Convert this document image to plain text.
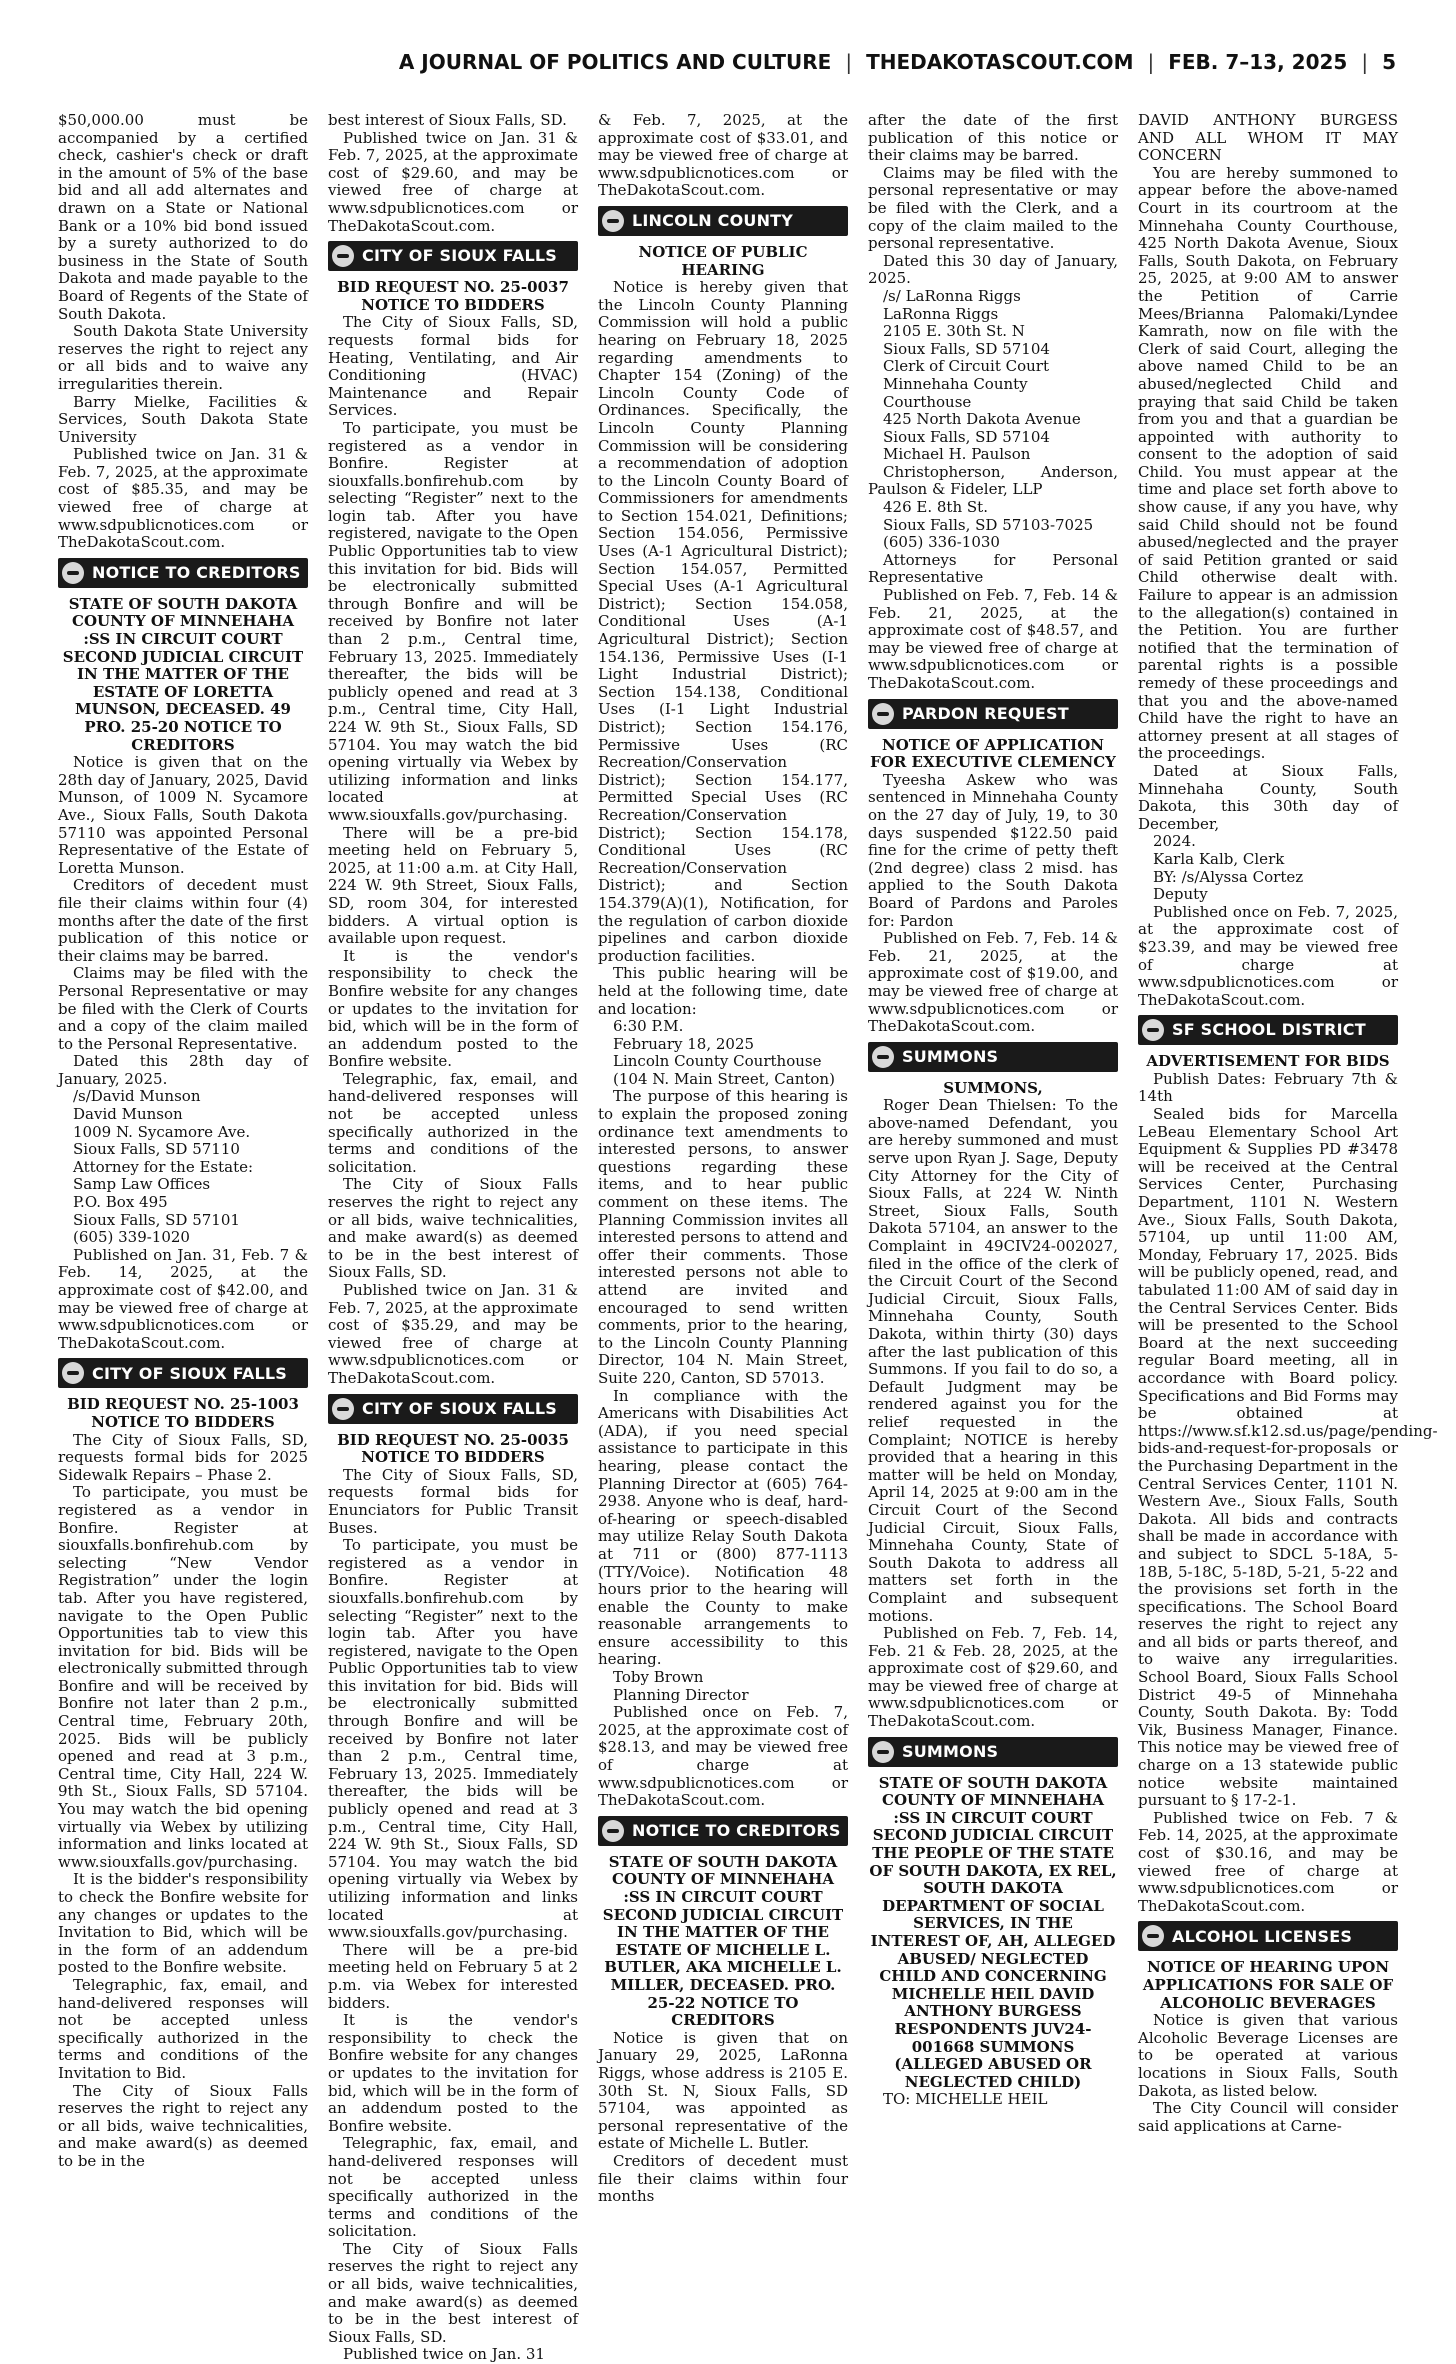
A JOURNAL OF POLITICS AND CULTURE | THEDAKOTASCOUT.COM | FEB. 7–13, 2025 | 5

$50,000.00 must be accompanied by a certified check, cashier's check or draft in the amount of 5% of the base bid and all add alternates and drawn on a State or National Bank or a 10% bid bond issued by a surety authorized to do business in the State of South Dakota and made payable to the Board of Regents of the State of South Dakota.

South Dakota State University reserves the right to reject any or all bids and to waive any irregularities therein.

Barry Mielke, Facilities & Services, South Dakota State University

Published twice on Jan. 31 & Feb. 7, 2025, at the approximate cost of $85.35, and may be viewed free of charge at www.sdpublicnotices.com or TheDakotaScout.com.

NOTICE TO CREDITORS

STATE OF SOUTH DAKOTA COUNTY OF MINNEHAHA :SS IN CIRCUIT COURT SECOND JUDICIAL CIRCUIT IN THE MATTER OF THE ESTATE OF LORETTA MUNSON, DECEASED. 49 PRO. 25-20 NOTICE TO CREDITORS

Notice is given that on the 28th day of January, 2025, David Munson, of 1009 N. Sycamore Ave., Sioux Falls, South Dakota 57110 was appointed Personal Representative of the Estate of Loretta Munson.

Creditors of decedent must file their claims within four (4) months after the date of the first publication of this notice or their claims may be barred.

Claims may be filed with the Personal Representative or may be filed with the Clerk of Courts and a copy of the claim mailed to the Personal Representative.

Dated this 28th day of January, 2025.

/s/David Munson

David Munson

1009 N. Sycamore Ave.

Sioux Falls, SD 57110

Attorney for the Estate:

Samp Law Offices

P.O. Box 495

Sioux Falls, SD 57101

(605) 339-1020

Published on Jan. 31, Feb. 7 & Feb. 14, 2025, at the approximate cost of $42.00, and may be viewed free of charge at www.sdpublicnotices.com or TheDakotaScout.com.

CITY OF SIOUX FALLS

BID REQUEST NO. 25-1003 NOTICE TO BIDDERS

The City of Sioux Falls, SD, requests formal bids for 2025 Sidewalk Repairs – Phase 2.

To participate, you must be registered as a vendor in Bonfire. Register at siouxfalls.bonfirehub.com by selecting “New Vendor Registration” under the login tab. After you have registered, navigate to the Open Public Opportunities tab to view this invitation for bid. Bids will be electronically submitted through Bonfire and will be received by Bonfire not later than 2 p.m., Central time, February 20th, 2025. Bids will be publicly opened and read at 3 p.m., Central time, City Hall, 224 W. 9th St., Sioux Falls, SD 57104. You may watch the bid opening virtually via Webex by utilizing information and links located at www.siouxfalls.gov/purchasing.

It is the bidder's responsibility to check the Bonfire website for any changes or updates to the Invitation to Bid, which will be in the form of an addendum posted to the Bonfire website.

Telegraphic, fax, email, and hand-delivered responses will not be accepted unless specifically authorized in the terms and conditions of the Invitation to Bid.

The City of Sioux Falls reserves the right to reject any or all bids, waive technicalities, and make award(s) as deemed to be in the

best interest of Sioux Falls, SD.

Published twice on Jan. 31 & Feb. 7, 2025, at the approximate cost of $29.60, and may be viewed free of charge at www.sdpublicnotices.com or TheDakotaScout.com.

CITY OF SIOUX FALLS

BID REQUEST NO. 25-0037 NOTICE TO BIDDERS

The City of Sioux Falls, SD, requests formal bids for Heating, Ventilating, and Air Conditioning (HVAC) Maintenance and Repair Services.

To participate, you must be registered as a vendor in Bonfire. Register at siouxfalls.bonfirehub.com by selecting “Register” next to the login tab. After you have registered, navigate to the Open Public Opportunities tab to view this invitation for bid. Bids will be electronically submitted through Bonfire and will be received by Bonfire not later than 2 p.m., Central time, February 13, 2025. Immediately thereafter, the bids will be publicly opened and read at 3 p.m., Central time, City Hall, 224 W. 9th St., Sioux Falls, SD 57104. You may watch the bid opening virtually via Webex by utilizing information and links located at www.siouxfalls.gov/purchasing.

There will be a pre-bid meeting held on February 5, 2025, at 11:00 a.m. at City Hall, 224 W. 9th Street, Sioux Falls, SD, room 304, for interested bidders. A virtual option is available upon request.

It is the vendor's responsibility to check the Bonfire website for any changes or updates to the invitation for bid, which will be in the form of an addendum posted to the Bonfire website.

Telegraphic, fax, email, and hand-delivered responses will not be accepted unless specifically authorized in the terms and conditions of the solicitation.

The City of Sioux Falls reserves the right to reject any or all bids, waive technicalities, and make award(s) as deemed to be in the best interest of Sioux Falls, SD.

Published twice on Jan. 31 & Feb. 7, 2025, at the approximate cost of $35.29, and may be viewed free of charge at www.sdpublicnotices.com or TheDakotaScout.com.

CITY OF SIOUX FALLS

BID REQUEST NO. 25-0035 NOTICE TO BIDDERS

The City of Sioux Falls, SD, requests formal bids for Enunciators for Public Transit Buses.

To participate, you must be registered as a vendor in Bonfire. Register at siouxfalls.bonfirehub.com by selecting “Register” next to the login tab. After you have registered, navigate to the Open Public Opportunities tab to view this invitation for bid. Bids will be electronically submitted through Bonfire and will be received by Bonfire not later than 2 p.m., Central time, February 13, 2025. Immediately thereafter, the bids will be publicly opened and read at 3 p.m., Central time, City Hall, 224 W. 9th St., Sioux Falls, SD 57104. You may watch the bid opening virtually via Webex by utilizing information and links located at www.siouxfalls.gov/purchasing.

There will be a pre-bid meeting held on February 5 at 2 p.m. via Webex for interested bidders.

It is the vendor's responsibility to check the Bonfire website for any changes or updates to the invitation for bid, which will be in the form of an addendum posted to the Bonfire website.

Telegraphic, fax, email, and hand-delivered responses will not be accepted unless specifically authorized in the terms and conditions of the solicitation.

The City of Sioux Falls reserves the right to reject any or all bids, waive technicalities, and make award(s) as deemed to be in the best interest of Sioux Falls, SD.

Published twice on Jan. 31

& Feb. 7, 2025, at the approximate cost of $33.01, and may be viewed free of charge at www.sdpublicnotices.com or TheDakotaScout.com.

LINCOLN COUNTY

NOTICE OF PUBLIC HEARING

Notice is hereby given that the Lincoln County Planning Commission will hold a public hearing on February 18, 2025 regarding amendments to Chapter 154 (Zoning) of the Lincoln County Code of Ordinances. Specifically, the Lincoln County Planning Commission will be considering a recommendation of adoption to the Lincoln County Board of Commissioners for amendments to Section 154.021, Definitions; Section 154.056, Permissive Uses (A-1 Agricultural District); Section 154.057, Permitted Special Uses (A-1 Agricultural District); Section 154.058, Conditional Uses (A-1 Agricultural District); Section 154.136, Permissive Uses (I-1 Light Industrial District); Section 154.138, Conditional Uses (I-1 Light Industrial District); Section 154.176, Permissive Uses (RC Recreation/Conservation District); Section 154.177, Permitted Special Uses (RC Recreation/Conservation District); Section 154.178, Conditional Uses (RC Recreation/Conservation District); and Section 154.379(A)(1), Notification, for the regulation of carbon dioxide pipelines and carbon dioxide production facilities.

This public hearing will be held at the following time, date and location:

6:30 P.M.

February 18, 2025

Lincoln County Courthouse

(104 N. Main Street, Canton)

The purpose of this hearing is to explain the proposed zoning ordinance text amendments to interested persons, to answer questions regarding these items, and to hear public comment on these items. The Planning Commission invites all interested persons to attend and offer their comments. Those interested persons not able to attend are invited and encouraged to send written comments, prior to the hearing, to the Lincoln County Planning Director, 104 N. Main Street, Suite 220, Canton, SD 57013.

In compliance with the Americans with Disabilities Act (ADA), if you need special assistance to participate in this hearing, please contact the Planning Director at (605) 764-2938. Anyone who is deaf, hard-of-hearing or speech-disabled may utilize Relay South Dakota at 711 or (800) 877-1113 (TTY/Voice). Notification 48 hours prior to the hearing will enable the County to make reasonable arrangements to ensure accessibility to this hearing.

Toby Brown

Planning Director

Published once on Feb. 7, 2025, at the approximate cost of $28.13, and may be viewed free of charge at www.sdpublicnotices.com or TheDakotaScout.com.

NOTICE TO CREDITORS

STATE OF SOUTH DAKOTA COUNTY OF MINNEHAHA :SS IN CIRCUIT COURT SECOND JUDICIAL CIRCUIT IN THE MATTER OF THE ESTATE OF MICHELLE L. BUTLER, AKA MICHELLE L. MILLER, DECEASED. PRO. 25-22 NOTICE TO CREDITORS

Notice is given that on January 29, 2025, LaRonna Riggs, whose address is 2105 E. 30th St. N, Sioux Falls, SD 57104, was appointed as personal representative of the estate of Michelle L. Butler.

Creditors of decedent must file their claims within four months

after the date of the first publication of this notice or their claims may be barred.

Claims may be filed with the personal representative or may be filed with the Clerk, and a copy of the claim mailed to the personal representative.

Dated this 30 day of January, 2025.

/s/ LaRonna Riggs

LaRonna Riggs

2105 E. 30th St. N

Sioux Falls, SD 57104

Clerk of Circuit Court

Minnehaha County

Courthouse

425 North Dakota Avenue

Sioux Falls, SD 57104

Michael H. Paulson

Christopherson, Anderson, Paulson & Fideler, LLP

426 E. 8th St.

Sioux Falls, SD 57103-7025

(605) 336-1030

Attorneys for Personal Representative

Published on Feb. 7, Feb. 14 & Feb. 21, 2025, at the approximate cost of $48.57, and may be viewed free of charge at www.sdpublicnotices.com or TheDakotaScout.com.

PARDON REQUEST

NOTICE OF APPLICATION FOR EXECUTIVE CLEMENCY

Tyeesha Askew who was sentenced in Minnehaha County on the 27 day of July, 19, to 30 days suspended $122.50 paid fine for the crime of petty theft (2nd degree) class 2 misd. has applied to the South Dakota Board of Pardons and Paroles for: Pardon

Published on Feb. 7, Feb. 14 & Feb. 21, 2025, at the approximate cost of $19.00, and may be viewed free of charge at www.sdpublicnotices.com or TheDakotaScout.com.

SUMMONS

SUMMONS,

Roger Dean Thielsen: To the above-named Defendant, you are hereby summoned and must serve upon Ryan J. Sage, Deputy City Attorney for the City of Sioux Falls, at 224 W. Ninth Street, Sioux Falls, South Dakota 57104, an answer to the Complaint in 49CIV24-002027, filed in the office of the clerk of the Circuit Court of the Second Judicial Circuit, Sioux Falls, Minnehaha County, South Dakota, within thirty (30) days after the last publication of this Summons. If you fail to do so, a Default Judgment may be rendered against you for the relief requested in the Complaint; NOTICE is hereby provided that a hearing in this matter will be held on Monday, April 14, 2025 at 9:00 am in the Circuit Court of the Second Judicial Circuit, Sioux Falls, Minnehaha County, State of South Dakota to address all matters set forth in the Complaint and subsequent motions.

Published on Feb. 7, Feb. 14, Feb. 21 & Feb. 28, 2025, at the approximate cost of $29.60, and may be viewed free of charge at www.sdpublicnotices.com or TheDakotaScout.com.

SUMMONS

STATE OF SOUTH DAKOTA COUNTY OF MINNEHAHA :SS IN CIRCUIT COURT SECOND JUDICIAL CIRCUIT THE PEOPLE OF THE STATE OF SOUTH DAKOTA, EX REL, SOUTH DAKOTA DEPARTMENT OF SOCIAL SERVICES, IN THE INTEREST OF, AH, ALLEGED ABUSED/ NEGLECTED CHILD AND CONCERNING MICHELLE HEIL DAVID ANTHONY BURGESS RESPONDENTS JUV24-001668 SUMMONS (ALLEGED ABUSED OR NEGLECTED CHILD)

TO: MICHELLE HEIL

DAVID ANTHONY BURGESS AND ALL WHOM IT MAY CONCERN

You are hereby summoned to appear before the above-named Court in its courtroom at the Minnehaha County Courthouse, 425 North Dakota Avenue, Sioux Falls, South Dakota, on February 25, 2025, at 9:00 AM to answer the Petition of Carrie Mees/Brianna Palomaki/Lyndee Kamrath, now on file with the Clerk of said Court, alleging the above named Child to be an abused/neglected Child and praying that said Child be taken from you and that a guardian be appointed with authority to consent to the adoption of said Child. You must appear at the time and place set forth above to show cause, if any you have, why said Child should not be found abused/neglected and the prayer of said Petition granted or said Child otherwise dealt with. Failure to appear is an admission to the allegation(s) contained in the Petition. You are further notified that the termination of parental rights is a possible remedy of these proceedings and that you and the above-named Child have the right to have an attorney present at all stages of the proceedings.

Dated at Sioux Falls, Minnehaha County, South Dakota, this 30th day of December,

2024.

Karla Kalb, Clerk

BY: /s/Alyssa Cortez

Deputy

Published once on Feb. 7, 2025, at the approximate cost of $23.39, and may be viewed free of charge at www.sdpublicnotices.com or TheDakotaScout.com.

SF SCHOOL DISTRICT

ADVERTISEMENT FOR BIDS

Publish Dates: February 7th & 14th

Sealed bids for Marcella LeBeau Elementary School Art Equipment & Supplies PD #3478 will be received at the Central Services Center, Purchasing Department, 1101 N. Western Ave., Sioux Falls, South Dakota, 57104, up until 11:00 AM, Monday, February 17, 2025. Bids will be publicly opened, read, and tabulated 11:00 AM of said day in the Central Services Center. Bids will be presented to the School Board at the next succeeding regular Board meeting, all in accordance with Board policy. Specifications and Bid Forms may be obtained at https://www.sf.k12.sd.us/page/pending-bids-and-request-for-proposals or the Purchasing Department in the Central Services Center, 1101 N. Western Ave., Sioux Falls, South Dakota. All bids and contracts shall be made in accordance with and subject to SDCL 5-18A, 5-18B, 5-18C, 5-18D, 5-21, 5-22 and the provisions set forth in the specifications. The School Board reserves the right to reject any and all bids or parts thereof, and to waive any irregularities. School Board, Sioux Falls School District 49-5 of Minnehaha County, South Dakota. By: Todd Vik, Business Manager, Finance. This notice may be viewed free of charge on a 13 statewide public notice website maintained pursuant to § 17-2-1.

Published twice on Feb. 7 & Feb. 14, 2025, at the approximate cost of $30.16, and may be viewed free of charge at www.sdpublicnotices.com or TheDakotaScout.com.

ALCOHOL LICENSES

NOTICE OF HEARING UPON APPLICATIONS FOR SALE OF ALCOHOLIC BEVERAGES

Notice is given that various Alcoholic Beverage Licenses are to be operated at various locations in Sioux Falls, South Dakota, as listed below.

The City Council will consider said applications at Carne-
